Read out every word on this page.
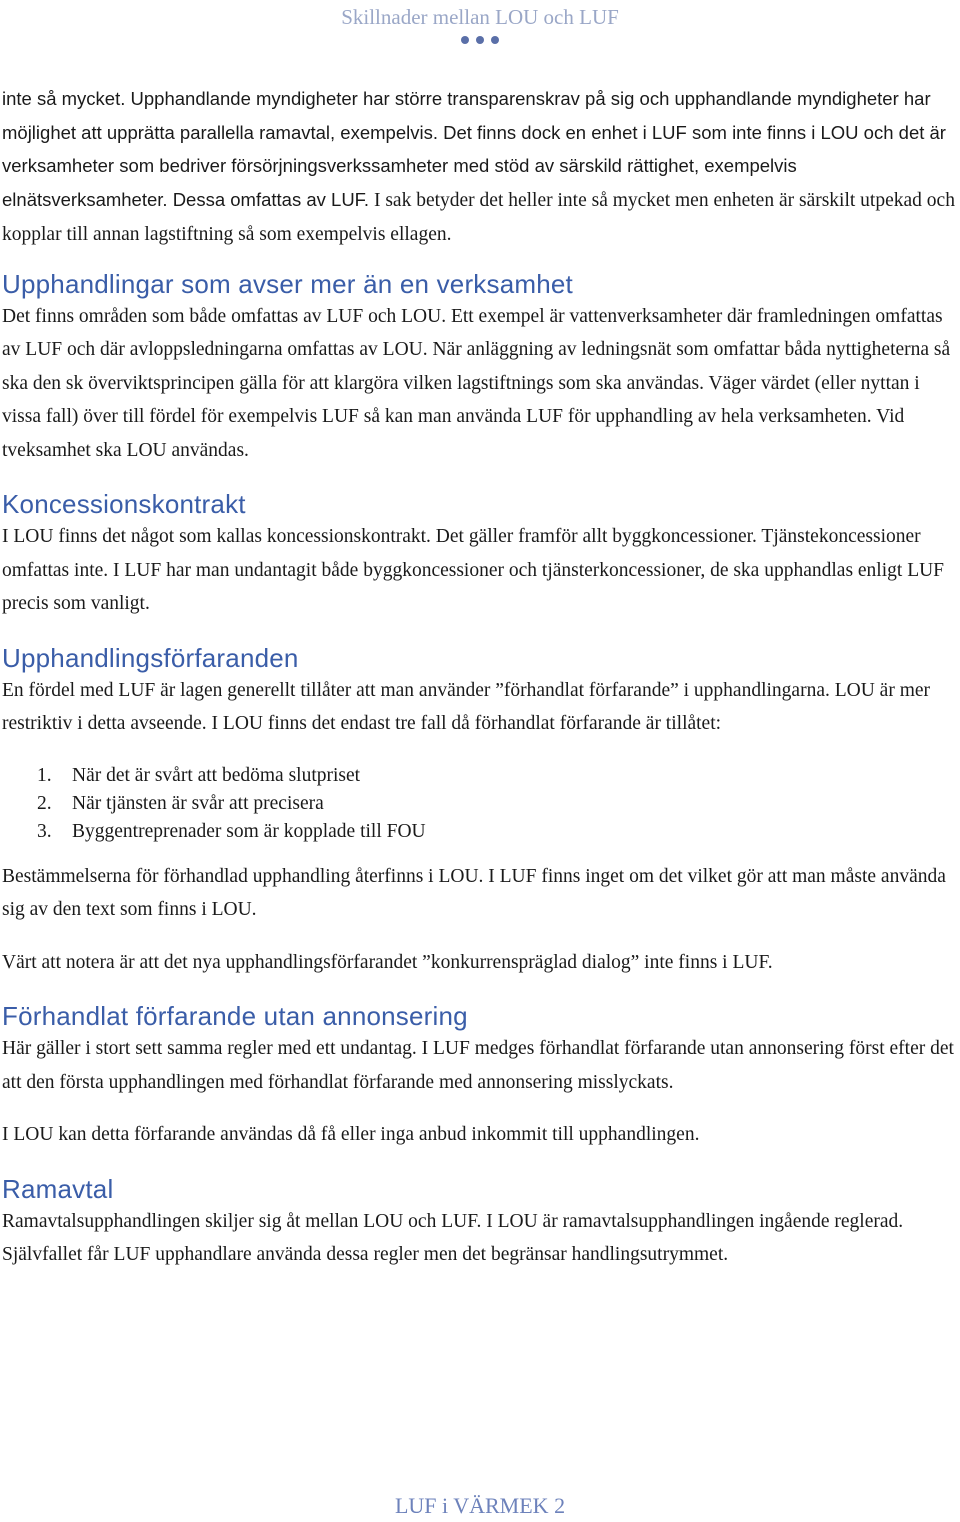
Skillnader mellan LOU och LUF

inte så mycket. Upphandlande myndigheter har större transparenskrav på sig och upphandlande myndigheter har möjlighet att upprätta parallella ramavtal, exempelvis. Det finns dock en enhet i LUF som inte finns i LOU och det är verksamheter som bedriver försörjningsverkssamheter med stöd av särskild rättighet, exempelvis elnätsverksamheter. Dessa omfattas av LUF. I sak betyder det heller inte så mycket men enheten är särskilt utpekad och kopplar till annan lagstiftning så som exempelvis ellagen.

Upphandlingar som avser mer än en verksamhet

Det finns områden som både omfattas av LUF och LOU. Ett exempel är vattenverksamheter där framledningen omfattas av LUF och där avloppsledningarna omfattas av LOU. När anläggning av ledningsnät som omfattar båda nyttigheterna så ska den sk överviktsprincipen gälla för att klargöra vilken lagstiftnings som ska användas. Väger värdet (eller nyttan i vissa fall) över till fördel för exempelvis LUF så kan man använda LUF för upphandling av hela verksamheten. Vid tveksamhet ska LOU användas.

Koncessionskontrakt

I LOU finns det något som kallas koncessionskontrakt. Det gäller framför allt byggkoncessioner. Tjänstekoncessioner omfattas inte. I LUF har man undantagit både byggkoncessioner och tjänsterkoncessioner, de ska upphandlas enligt LUF precis som vanligt.

Upphandlingsförfaranden

En fördel med LUF är lagen generellt tillåter att man använder ”förhandlat förfarande” i upphandlingarna. LOU är mer restriktiv i detta avseende. I LOU finns det endast tre fall då förhandlat förfarande är tillåtet:

1. När det är svårt att bedöma slutpriset
2. När tjänsten är svår att precisera
3. Byggentreprenader som är kopplade till FOU

Bestämmelserna för förhandlad upphandling återfinns i LOU. I LUF finns inget om det vilket gör att man måste använda sig av den text som finns i LOU.

Värt att notera är att det nya upphandlingsförfarandet ”konkurrenspräglad dialog” inte finns i LUF.

Förhandlat förfarande utan annonsering

Här gäller i stort sett samma regler med ett undantag. I LUF medges förhandlat förfarande utan annonsering först efter det att den första upphandlingen med förhandlat förfarande med annonsering misslyckats.

I LOU kan detta förfarande användas då få eller inga anbud inkommit till upphandlingen.

Ramavtal

Ramavtalsupphandlingen skiljer sig åt mellan LOU och LUF. I LOU är ramavtalsupphandlingen ingående reglerad. Självfallet får LUF upphandlare använda dessa regler men det begränsar handlingsutrymmet.

LUF i VÄRMEK 2
